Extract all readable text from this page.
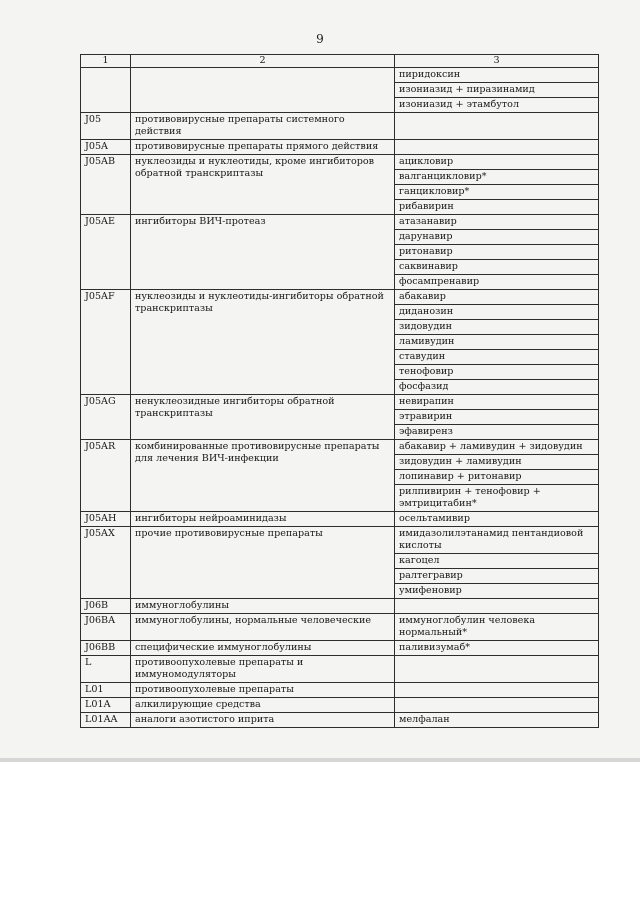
9
1	2	3
		пиридоксин
		изониазид + пиразинамид
		изониазид + этамбутол
J05	противовирусные препараты системного действия	
J05A	противовирусные препараты прямого действия	
J05AB	нуклеозиды и нуклеотиды, кроме ингибиторов обратной транскриптазы	ацикловир
		валганцикловир*
		ганцикловир*
		рибавирин
J05AE	ингибиторы ВИЧ-протеаз	атазанавир
		дарунавир
		ритонавир
		саквинавир
		фосампренавир
J05AF	нуклеозиды и нуклеотиды-ингибиторы обратной транскриптазы	абакавир
		диданозин
		зидовудин
		ламивудин
		ставудин
		тенофовир
		фосфазид
J05AG	ненуклеозидные ингибиторы обратной транскриптазы	невирапин
		этравирин
		эфавиренз
J05AR	комбинированные противовирусные препараты для лечения ВИЧ-инфекции	абакавир + ламивудин + зидовудин
		зидовудин + ламивудин
		лопинавир + ритонавир
		рилпивирин + тенофовир + эмтрицитабин*
J05AH	ингибиторы нейроаминидазы	осельтамивир
J05AX	прочие противовирусные препараты	имидазолилэтанамид пентандиовой кислоты
		кагоцел
		ралтегравир
		умифеновир
J06B	иммуноглобулины	
J06BA	иммуноглобулины, нормальные человеческие	иммуноглобулин человека нормальный*
J06BB	специфические иммуноглобулины	паливизумаб*
L	противоопухолевые препараты и иммуномодуляторы	
L01	противоопухолевые препараты	
L01A	алкилирующие средства	
L01AA	аналоги азотистого иприта	мелфалан
